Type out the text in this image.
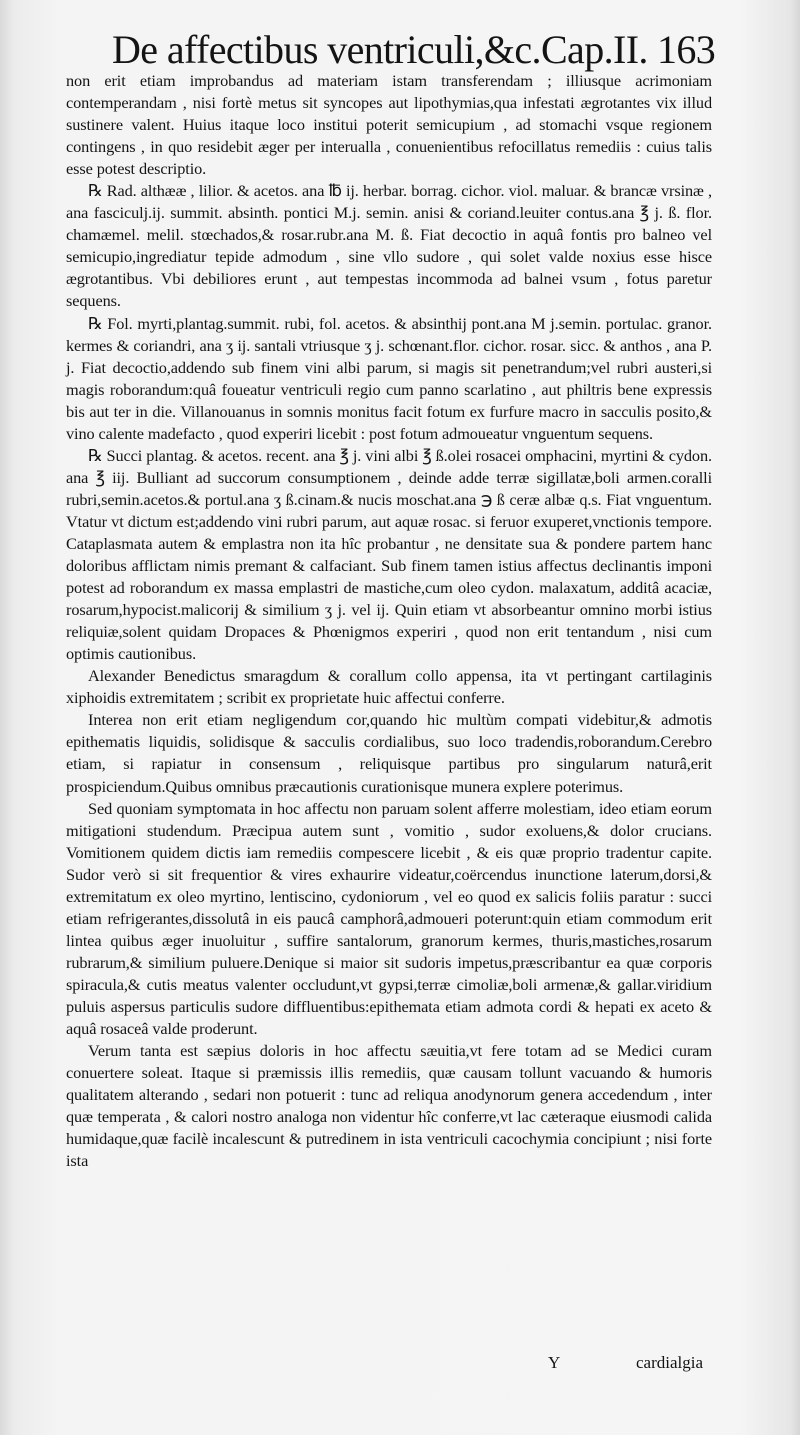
De affectibus ventriculi,&c.Cap.II. 163

non erit etiam improbandus ad materiam istam transferendam ; illiusque acrimoniam contemperandam , nisi fortè metus sit syncopes aut lipothymias,qua infestati ægrotantes vix illud sustinere valent. Huius itaque loco institui poterit semicupium , ad stomachi vsque regionem contingens , in quo residebit æger per interualla , conuenientibus refocillatus remediis : cuius talis esse potest descriptio.

℞ Rad. althææ , lilior. & acetos. ana ℔ ij. herbar. borrag. cichor. viol. maluar. & brancæ vrsinæ , ana fasciculj.ij. summit. absinth. pontici M.j. semin. anisi & coriand.leuiter contus.ana ℥ j. ß. flor. chamæmel. melil. stœchados,& rosar.rubr.ana M. ß. Fiat decoctio in aquâ fontis pro balneo vel semicupio,ingrediatur tepide admodum , sine vllo sudore , qui solet valde noxius esse hisce ægrotantibus. Vbi debiliores erunt , aut tempestas incommoda ad balnei vsum , fotus paretur sequens.

℞ Fol. myrti,plantag.summit. rubi, fol. acetos. & absinthij pont.ana M j.semin. portulac. granor. kermes & coriandri, ana ʒ ij. santali vtriusque ʒ j. schœnant.flor. cichor. rosar. sicc. & anthos , ana P. j. Fiat decoctio,addendo sub finem vini albi parum, si magis sit penetrandum;vel rubri austeri,si magis roborandum:quâ foueatur ventriculi regio cum panno scarlatino , aut philtris bene expressis bis aut ter in die. Villanouanus in somnis monitus facit fotum ex furfure macro in sacculis posito,& vino calente madefacto , quod experiri licebit : post fotum admoueatur vnguentum sequens.

℞ Succi plantag. & acetos. recent. ana ℥ j. vini albi ℥ ß.olei rosacei omphacini, myrtini & cydon. ana ℥ iij. Bulliant ad succorum consumptionem , deinde adde terræ sigillatæ,boli armen.coralli rubri,semin.acetos.& portul.ana ʒ ß.cinam.& nucis moschat.ana ℈ ß ceræ albæ q.s. Fiat vnguentum. Vtatur vt dictum est;addendo vini rubri parum, aut aquæ rosac. si feruor exuperet,vnctionis tempore. Cataplasmata autem & emplastra non ita hîc probantur , ne densitate sua & pondere partem hanc doloribus afflictam nimis premant & calfaciant. Sub finem tamen istius affectus declinantis imponi potest ad roborandum ex massa emplastri de mastiche,cum oleo cydon. malaxatum, additâ acaciæ, rosarum,hypocist.malicorij & similium ʒ j. vel ij. Quin etiam vt absorbeantur omnino morbi istius reliquiæ,solent quidam Dropaces & Phœnigmos experiri , quod non erit tentandum , nisi cum optimis cautionibus.

Alexander Benedictus smaragdum & corallum collo appensa, ita vt pertingant cartilaginis xiphoidis extremitatem ; scribit ex proprietate huic affectui conferre.

Interea non erit etiam negligendum cor,quando hic multùm compati videbitur,& admotis epithematis liquidis, solidisque & sacculis cordialibus, suo loco tradendis,roborandum.Cerebro etiam, si rapiatur in consensum , reliquisque partibus pro singularum naturâ,erit prospiciendum.Quibus omnibus præcautionis curationisque munera explere poterimus.

Sed quoniam symptomata in hoc affectu non paruam solent afferre molestiam, ideo etiam eorum mitigationi studendum. Præcipua autem sunt , vomitio , sudor exoluens,& dolor crucians. Vomitionem quidem dictis iam remediis compescere licebit , & eis quæ proprio tradentur capite. Sudor verò si sit frequentior & vires exhaurire videatur,coërcendus inunctione laterum,dorsi,& extremitatum ex oleo myrtino, lentiscino, cydoniorum , vel eo quod ex salicis foliis paratur : succi etiam refrigerantes,dissolutâ in eis paucâ camphorâ,admoueri poterunt:quin etiam commodum erit lintea quibus æger inuoluitur , suffire santalorum, granorum kermes, thuris,mastiches,rosarum rubrarum,& similium puluere.Denique si maior sit sudoris impetus,præscribantur ea quæ corporis spiracula,& cutis meatus valenter occludunt,vt gypsi,terræ cimoliæ,boli armenæ,& gallar.viridium puluis aspersus particulis sudore diffluentibus:epithemata etiam admota cordi & hepati ex aceto & aquâ rosaceâ valde proderunt.

Verum tanta est sæpius doloris in hoc affectu sæuitia,vt fere totam ad se Medici curam conuertere soleat. Itaque si præmissis illis remediis, quæ causam tollunt vacuando & humoris qualitatem alterando , sedari non potuerit : tunc ad reliqua anodynorum genera accedendum , inter quæ temperata , & calori nostro analoga non videntur hîc conferre,vt lac cæteraque eiusmodi calida humidaque,quæ facilè incalescunt & putredinem in ista ventriculi cacochymia concipiunt ; nisi forte ista

Y	cardialgia
